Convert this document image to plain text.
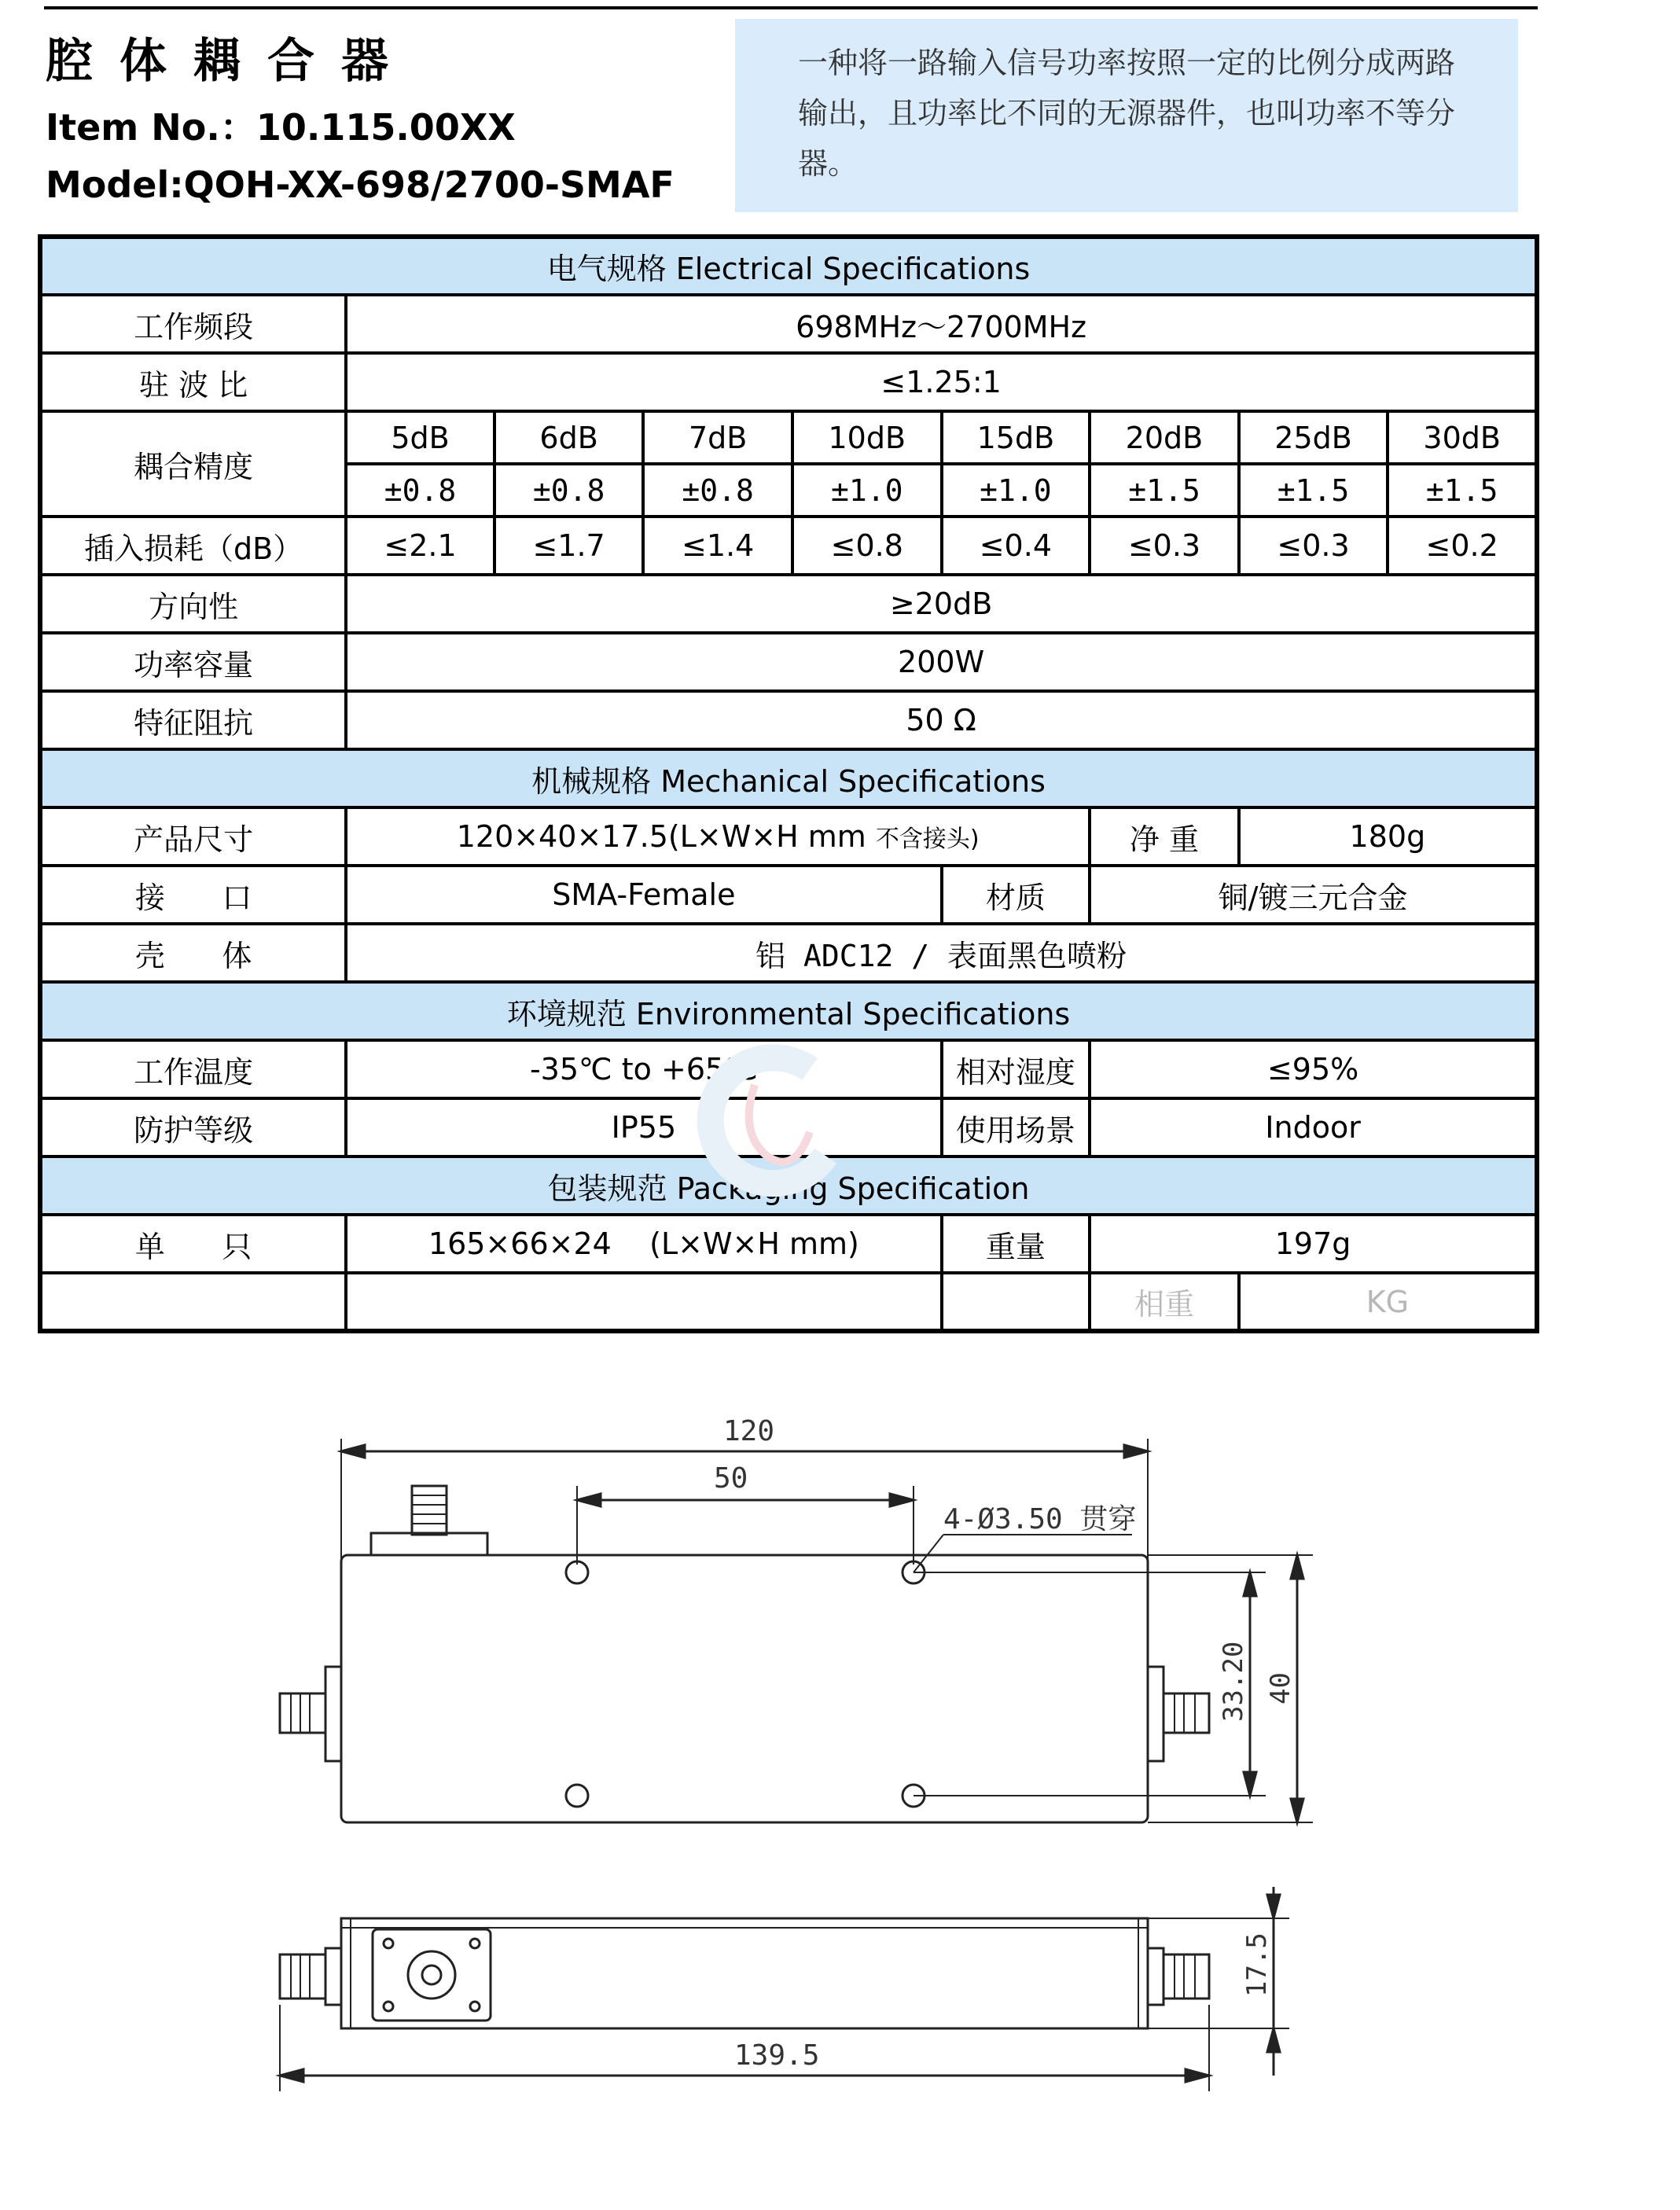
腔体耦合器
Item No.：10.115.00XX
Model:QOH-XX-698/2700-SMAF
一种将一路输入信号功率按照一定的比例分成两路输出，且功率比不同的无源器件，也叫功率不等分器。
电气规格 Electrical Specifications								
工作频段	698MHz～2700MHz							
驻 波 比	≤1.25:1							
耦合精度	5dB	6dB	7dB	10dB	15dB	20dB	25dB	30dB
	±0.8	±0.8	±0.8	±1.0	±1.0	±1.5	±1.5	±1.5
插入损耗（dB）	≤2.1	≤1.7	≤1.4	≤0.8	≤0.4	≤0.3	≤0.3	≤0.2
方向性	≥20dB							
功率容量	200W							
特征阻抗	50 Ω							
机械规格 Mechanical Specifications								
产品尺寸	120×40×17.5(L×W×H mm 不含接头)					净 重	180g	
接      口	SMA-Female				材质	铜/镀三元合金		
壳      体	铝 ADC12 / 表面黑色喷粉							
环境规范 Environmental Specifications								
工作温度	-35℃ to +65℃				相对湿度	≤95%		
防护等级	IP55				使用场景	Indoor		
包装规范 Packaging Specification								
单      只	165×66×24    (L×W×H mm)				重量	197g		
						相重	KG	
120
50
4-Ø3.50 贯穿
33.20 40
17.5
139.5
